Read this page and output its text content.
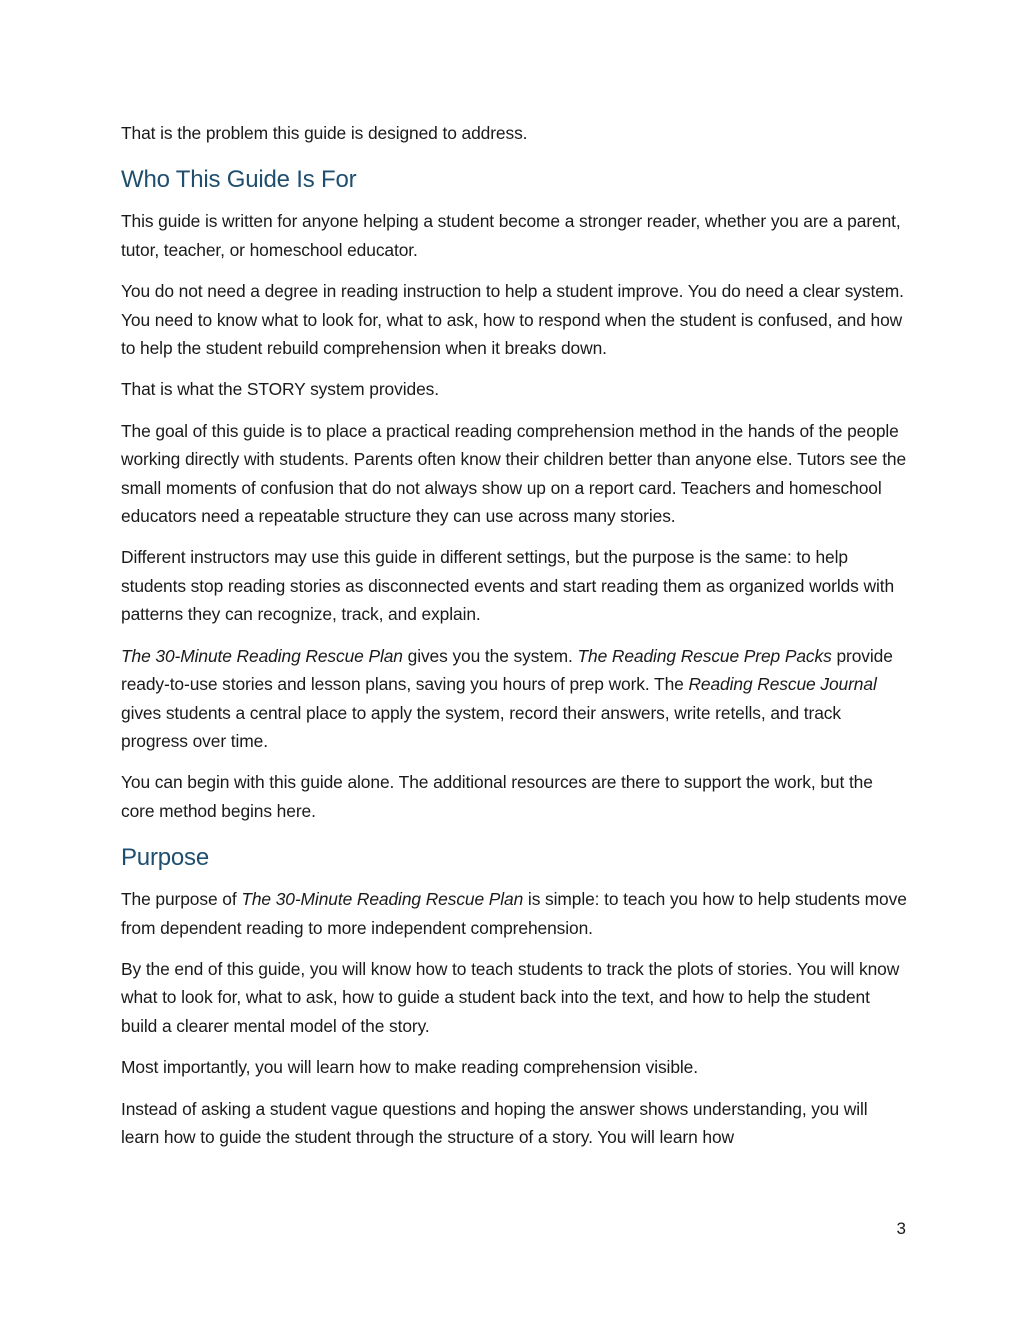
That is the problem this guide is designed to address.

Who This Guide Is For

This guide is written for anyone helping a student become a stronger reader, whether you are a parent, tutor, teacher, or homeschool educator.

You do not need a degree in reading instruction to help a student improve. You do need a clear system. You need to know what to look for, what to ask, how to respond when the student is confused, and how to help the student rebuild comprehension when it breaks down.

That is what the STORY system provides.

The goal of this guide is to place a practical reading comprehension method in the hands of the people working directly with students. Parents often know their children better than anyone else. Tutors see the small moments of confusion that do not always show up on a report card. Teachers and homeschool educators need a repeatable structure they can use across many stories.

Different instructors may use this guide in different settings, but the purpose is the same: to help students stop reading stories as disconnected events and start reading them as organized worlds with patterns they can recognize, track, and explain.

The 30-Minute Reading Rescue Plan gives you the system. The Reading Rescue Prep Packs provide ready-to-use stories and lesson plans, saving you hours of prep work. The Reading Rescue Journal gives students a central place to apply the system, record their answers, write retells, and track progress over time.

You can begin with this guide alone. The additional resources are there to support the work, but the core method begins here.

Purpose

The purpose of The 30-Minute Reading Rescue Plan is simple: to teach you how to help students move from dependent reading to more independent comprehension.

By the end of this guide, you will know how to teach students to track the plots of stories. You will know what to look for, what to ask, how to guide a student back into the text, and how to help the student build a clearer mental model of the story.

Most importantly, you will learn how to make reading comprehension visible.

Instead of asking a student vague questions and hoping the answer shows understanding, you will learn how to guide the student through the structure of a story. You will learn how

3
